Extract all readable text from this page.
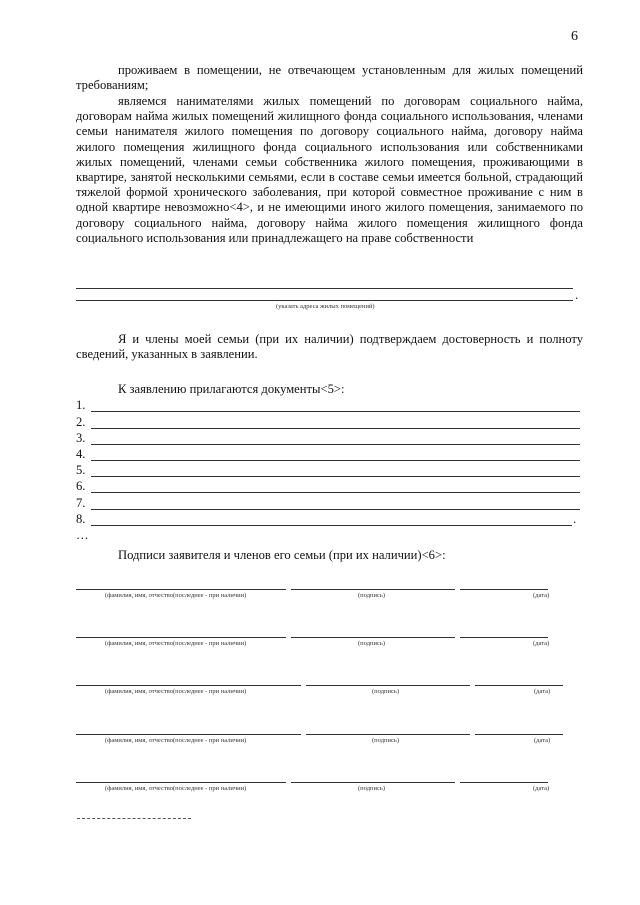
6
проживаем в помещении, не отвечающем установленным для жилых помещений требованиям;
являемся нанимателями жилых помещений по договорам социального найма, договорам найма жилых помещений жилищного фонда социального использования, членами семьи нанимателя жилого помещения по договору социального найма, договору найма жилого помещения жилищного фонда социального использования или собственниками жилых помещений, членами семьи собственника жилого помещения, проживающими в квартире, занятой несколькими семьями, если в составе семьи имеется больной, страдающий тяжелой формой хронического заболевания, при которой совместное проживание с ним в одной квартире невозможно<4>, и не имеющими иного жилого помещения, занимаемого по договору социального найма, договору найма жилого помещения жилищного фонда социального использования или принадлежащего на праве собственности
.
(указать адреса жилых помещений)
Я и члены моей семьи (при их наличии) подтверждаем достоверность и полноту сведений, указанных в заявлении.
К заявлению прилагаются документы<5>:
1.
2.
3.
4.
5.
6.
7.
8.	.
…
Подписи заявителя и членов его семьи (при их наличии)<6>:
(фамилия, имя, отчество(последнее - при наличии)	(подпись)	(дата)
(фамилия, имя, отчество(последнее - при наличии)	(подпись)	(дата)
(фамилия, имя, отчество(последнее - при наличии)	(подпись)	(дата)
(фамилия, имя, отчество(последнее - при наличии)	(подпись)	(дата)
(фамилия, имя, отчество(последнее - при наличии)	(подпись)	(дата)
